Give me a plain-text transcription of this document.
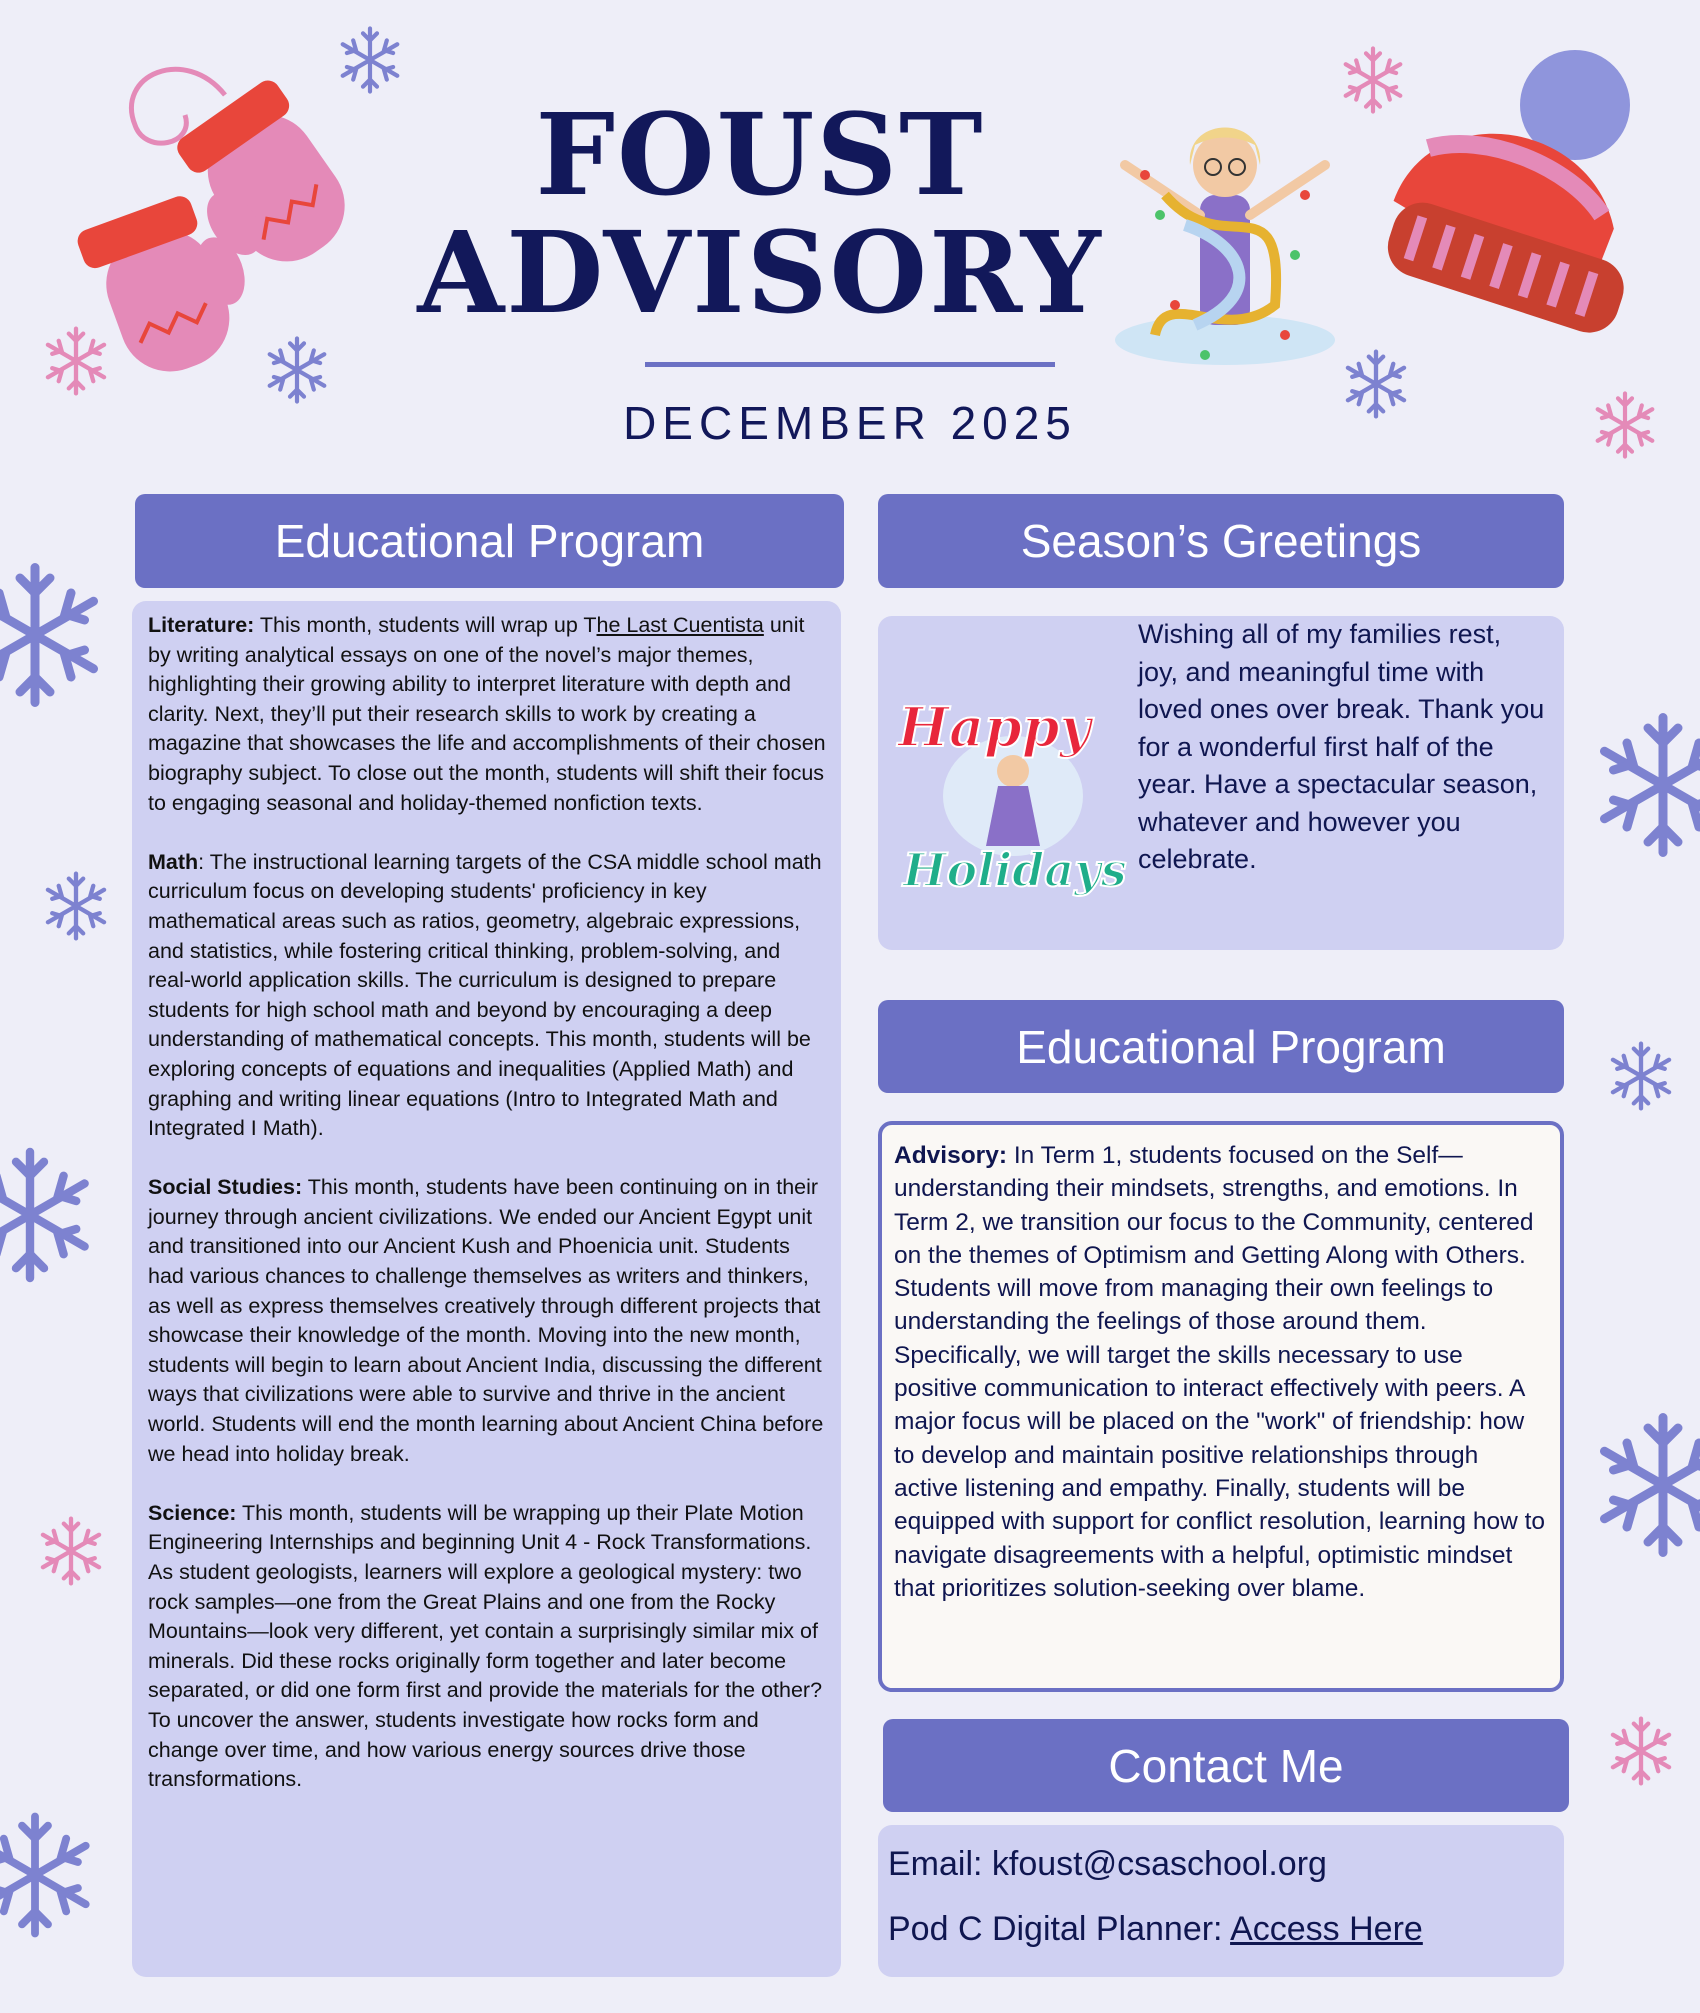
FOUST
ADVISORY
DECEMBER 2025
Educational Program

Literature: This month, students will wrap up The Last Cuentista unit by writing analytical essays on one of the novel’s major themes, highlighting their growing ability to interpret literature with depth and clarity. Next, they’ll put their research skills to work by creating a magazine that showcases the life and accomplishments of their chosen biography subject. To close out the month, students will shift their focus to engaging seasonal and holiday-themed nonfiction texts.

Math: The instructional learning targets of the CSA middle school math curriculum focus on developing students' proficiency in key mathematical areas such as ratios, geometry, algebraic expressions, and statistics, while fostering critical thinking, problem-solving, and real-world application skills. The curriculum is designed to prepare students for high school math and beyond by encouraging a deep understanding of mathematical concepts. This month, students will be exploring concepts of equations and inequalities (Applied Math) and graphing and writing linear equations (Intro to Integrated Math and Integrated I Math).

Social Studies: This month, students have been continuing on in their journey through ancient civilizations. We ended our Ancient Egypt unit and transitioned into our Ancient Kush and Phoenicia unit. Students had various chances to challenge themselves as writers and thinkers, as well as express themselves creatively through different projects that showcase their knowledge of the month. Moving into the new month, students will begin to learn about Ancient India, discussing the different ways that civilizations were able to survive and thrive in the ancient world. Students will end the month learning about Ancient China before we head into holiday break.

Science: This month, students will be wrapping up their Plate Motion Engineering Internships and beginning Unit 4 - Rock Transformations. As student geologists, learners will explore a geological mystery: two rock samples—one from the Great Plains and one from the Rocky Mountains—look very different, yet contain a surprisingly similar mix of minerals. Did these rocks originally form together and later become separated, or did one form first and provide the materials for the other? To uncover the answer, students investigate how rocks form and change over time, and how various energy sources drive those transformations.

Season’s Greetings
Happy
Holidays
Wishing all of my families rest, joy, and meaningful time with loved ones over break. Thank you for a wonderful first half of the year. Have a spectacular season, whatever and however you celebrate.
Educational Program
Advisory: In Term 1, students focused on the Self—understanding their mindsets, strengths, and emotions. In Term 2, we transition our focus to the Community, centered on the themes of Optimism and Getting Along with Others. Students will move from managing their own feelings to understanding the feelings of those around them. Specifically, we will target the skills necessary to use positive communication to interact effectively with peers. A major focus will be placed on the "work" of friendship: how to develop and maintain positive relationships through active listening and empathy. Finally, students will be equipped with support for conflict resolution, learning how to navigate disagreements with a helpful, optimistic mindset that prioritizes solution-seeking over blame.
Contact Me
Email: kfoust@csaschool.org
Pod C Digital Planner: Access Here
